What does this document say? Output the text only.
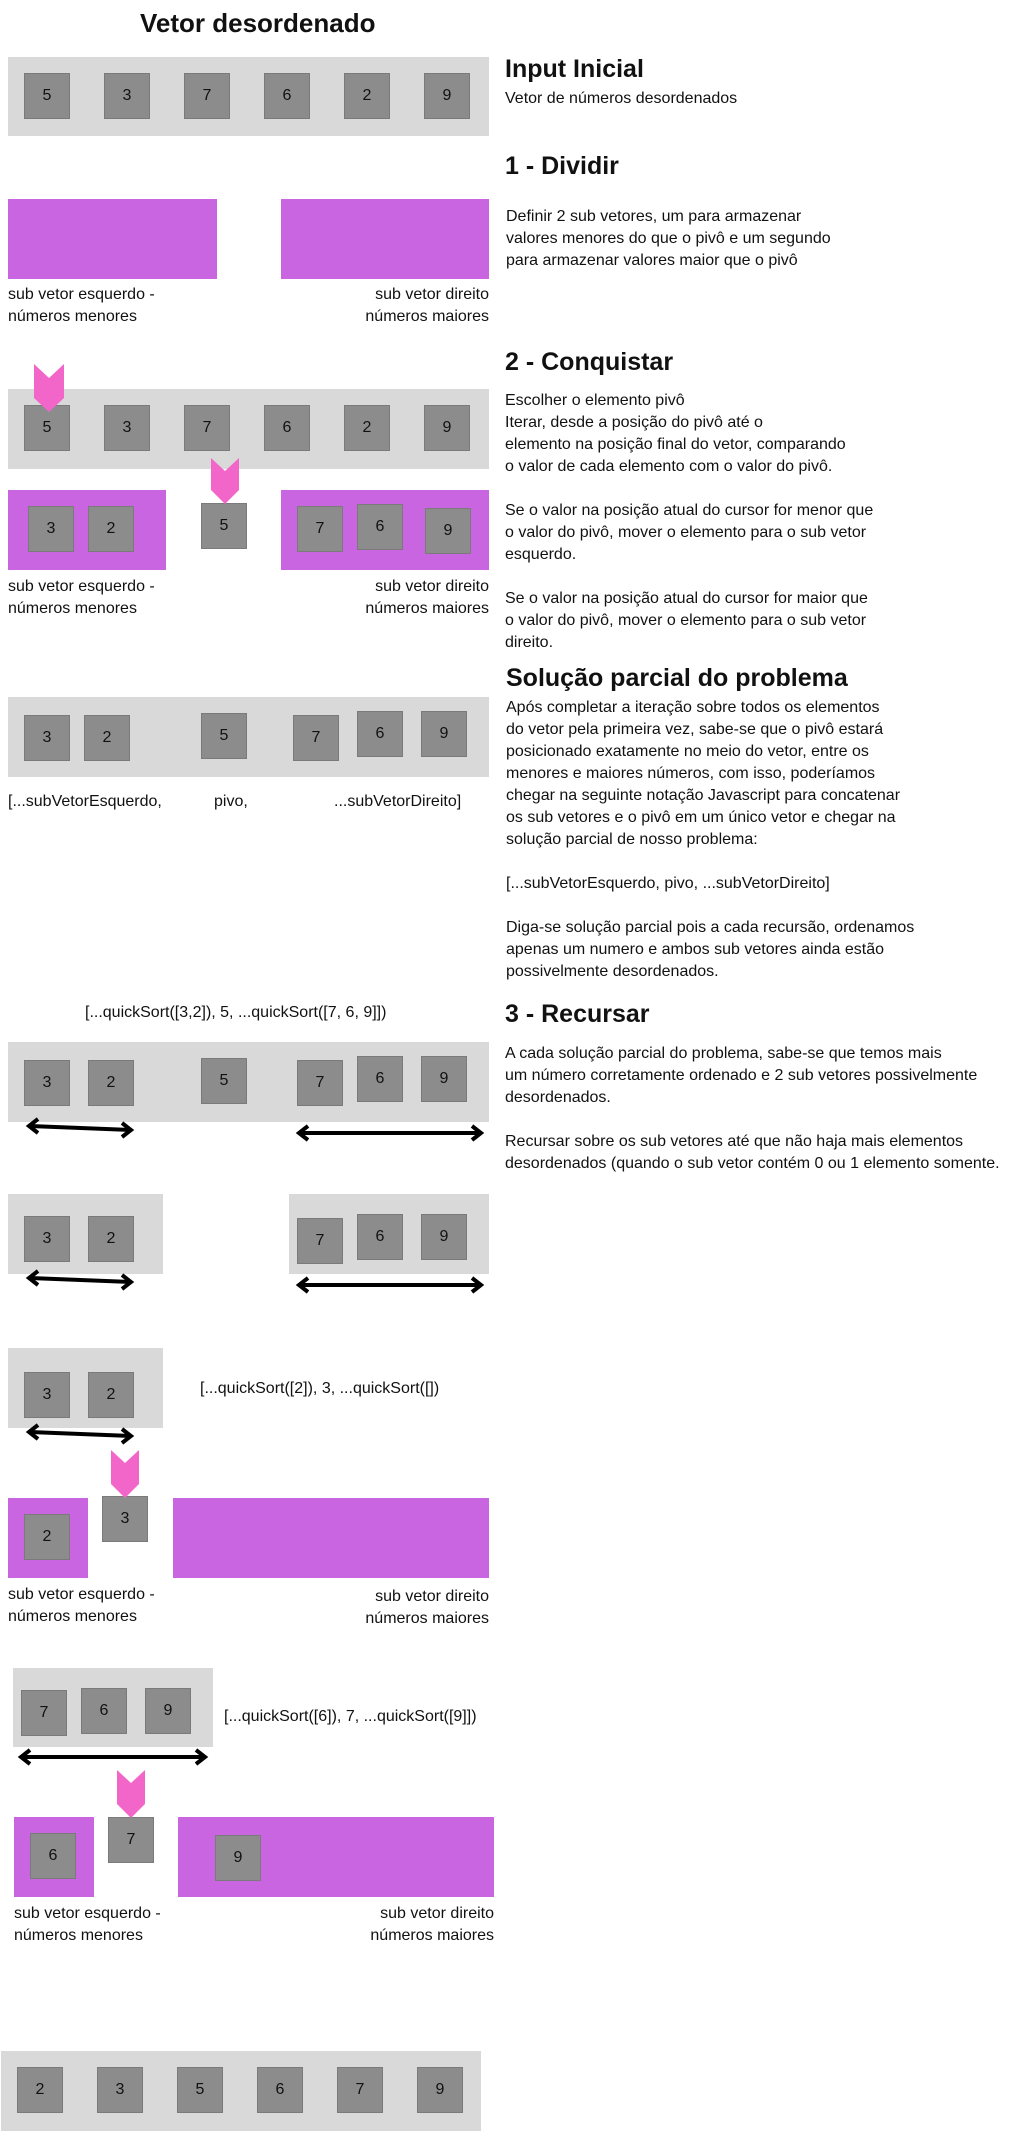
Vetor desordenado
5	3	7	6	2	9
Input Inicial
Vetor de números desordenados
1 - Dividir
Definir 2 sub vetores, um para armazenar
valores menores do que o pivô e um segundo
para armazenar valores maior que o pivô
sub vetor esquerdo -
números menores
sub vetor direito
números maiores
2 - Conquistar
Escolher o elemento pivô
Iterar, desde a posição do pivô até o
elemento na posição final do vetor, comparando
o valor de cada elemento com o valor do pivô.

Se o valor na posição atual do cursor for menor que
o valor do pivô, mover o elemento para o sub vetor
esquerdo.

Se o valor na posição atual do cursor for maior que
o valor do pivô, mover o elemento para o sub vetor
direito.
5	3	7	6	2	9
3	2	5	7	6	9
sub vetor esquerdo -
números menores
sub vetor direito
números maiores
Solução parcial do problema
Após completar a iteração sobre todos os elementos
do vetor pela primeira vez, sabe-se que o pivô estará
posicionado exatamente no meio do vetor, entre os
menores e maiores números, com isso, poderíamos
chegar na seguinte notação Javascript para concatenar
os sub vetores e o pivô em um único vetor e chegar na
solução parcial de nosso problema:

[...subVetorEsquerdo, pivo, ...subVetorDireito]

Diga-se solução parcial pois a cada recursão, ordenamos
apenas um numero e ambos sub vetores ainda estão
possivelmente desordenados.
3	2	5	7	6	9
[...subVetorEsquerdo,	pivo,	...subVetorDireito]
3 - Recursar
A cada solução parcial do problema, sabe-se que temos mais
um número corretamente ordenado e 2 sub vetores possivelmente
desordenados.

Recursar sobre os sub vetores até que não haja mais elementos
desordenados (quando o sub vetor contém 0 ou 1 elemento somente.
[...quickSort([3,2]), 5, ...quickSort([7, 6, 9]])
3	2	5	7	6	9
3	2	7	6	9
3	2	[...quickSort([2]), 3, ...quickSort([])
2
3
sub vetor esquerdo -
números menores
sub vetor direito
números maiores
7	6	9	[...quickSort([6]), 7, ...quickSort([9]])
6
7
9
sub vetor esquerdo -
números menores
sub vetor direito
números maiores
2	3	5	6	7	9
